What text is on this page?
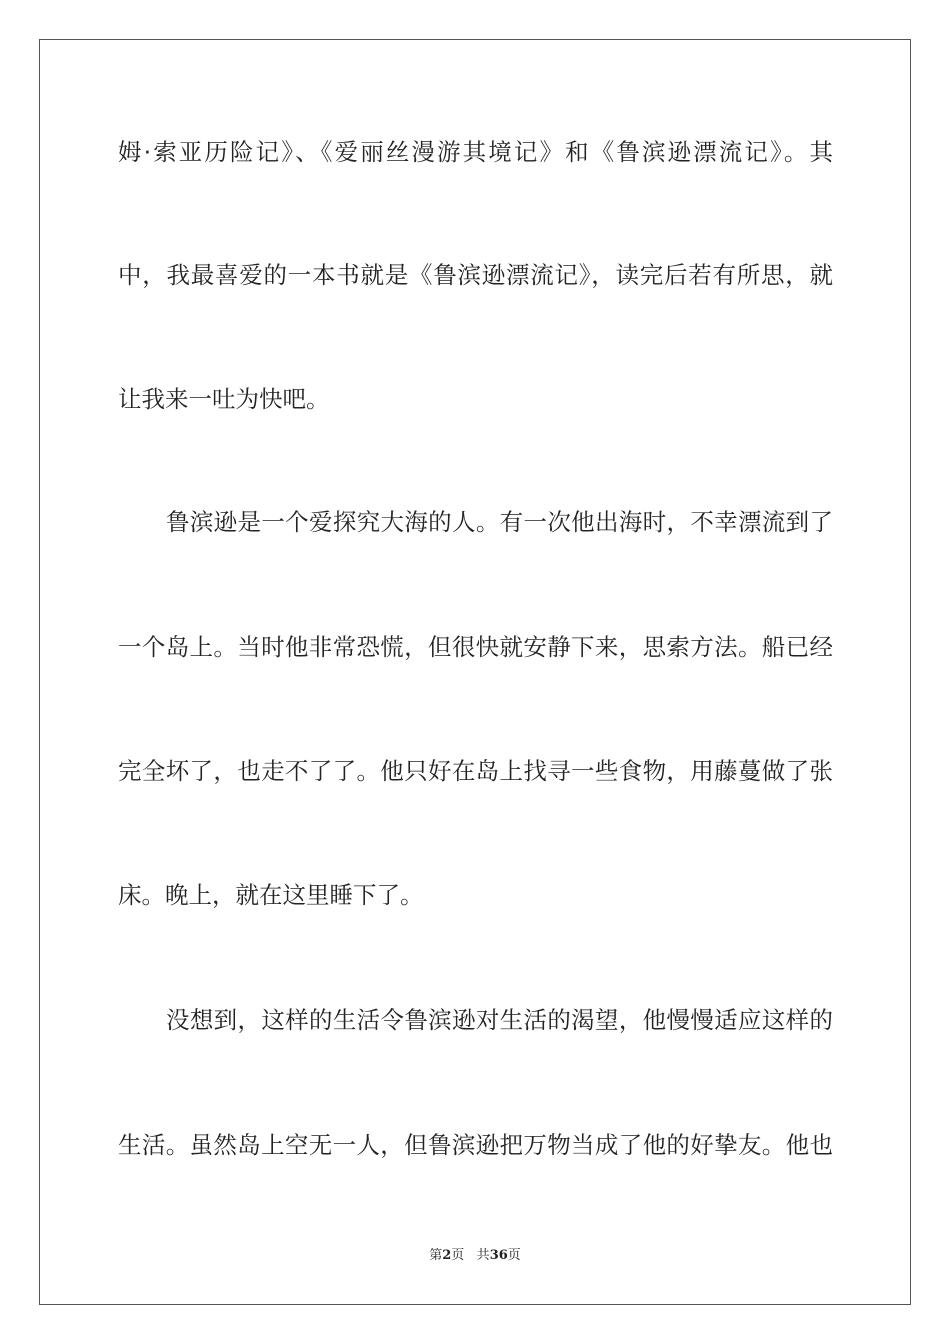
姆·索亚历险记》、《爱丽丝漫游其境记》和《鲁滨逊漂流记》。其
中，我最喜爱的一本书就是《鲁滨逊漂流记》，读完后若有所思，就
让我来一吐为快吧。
鲁滨逊是一个爱探究大海的人。有一次他出海时，不幸漂流到了
一个岛上。当时他非常恐慌，但很快就安静下来，思索方法。船已经
完全坏了，也走不了了。他只好在岛上找寻一些食物，用藤蔓做了张
床。晚上，就在这里睡下了。
没想到，这样的生活令鲁滨逊对生活的渴望，他慢慢适应这样的
生活。虽然岛上空无一人，但鲁滨逊把万物当成了他的好挚友。他也
第2页 共36页
